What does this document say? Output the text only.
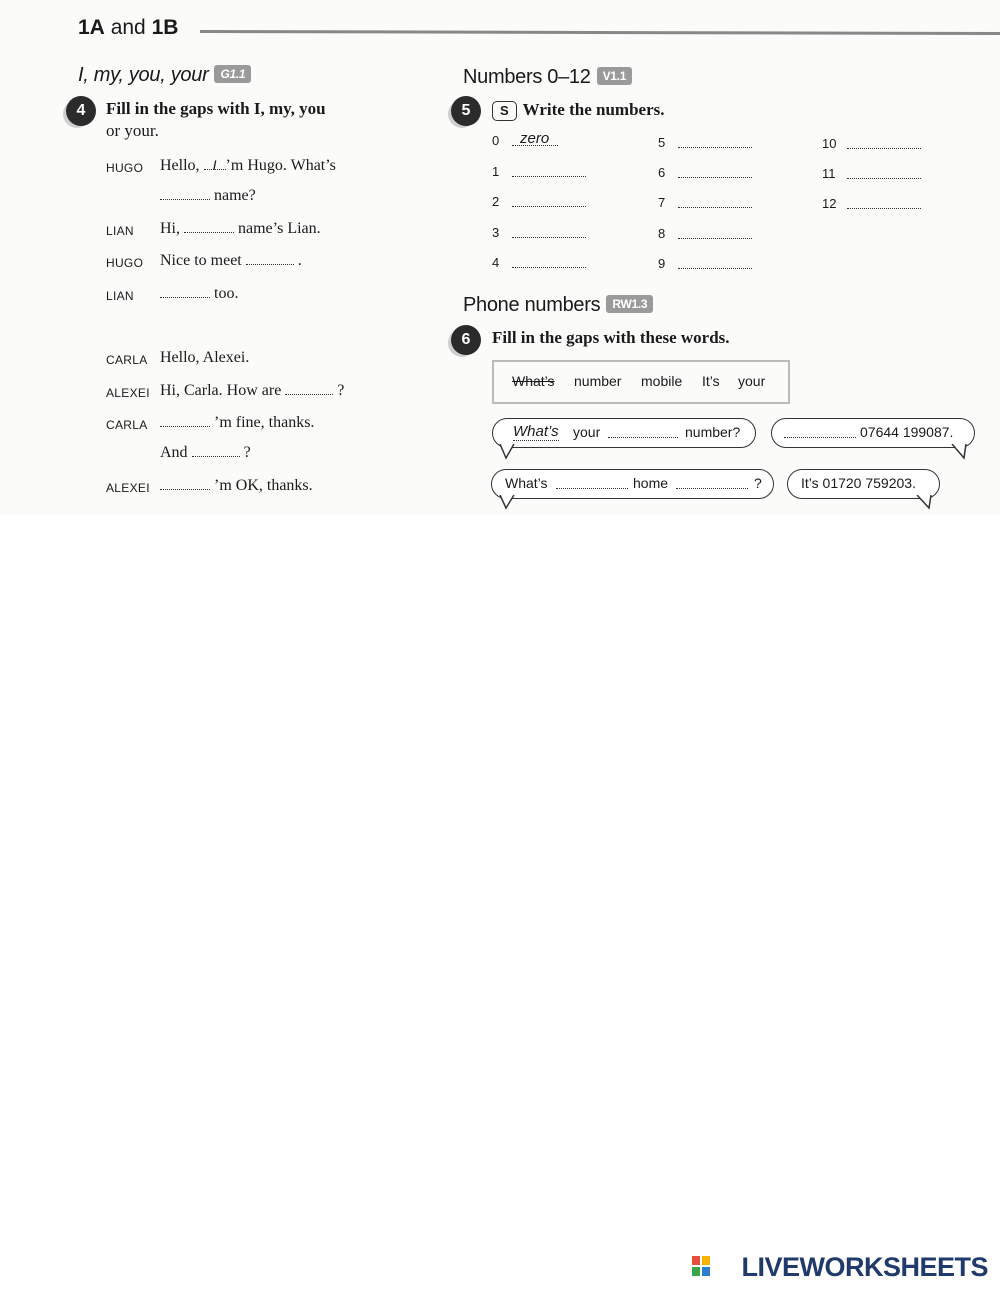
1A and 1B
I, my, you, your G1.1
4	Fill in the gaps with I, my, you
or your.
HUGO Hello, I ’m Hugo. What’s
name?
LIAN Hi,	name’s Lian.
HUGO Nice to meet	.
LIAN	too.
CARLA Hello, Alexei.
ALEXEI Hi, Carla. How are	?
CARLA	’m fine, thanks.
And	?
ALEXEI	’m OK, thanks.
Numbers 0–12 V1.1
5	S Write the numbers.
0 zero
1
2
3
4
5
6
7
8
9
10
11
12
Phone numbers RW1.3
6	Fill in the gaps with these words.
What’s number mobile It’s your
What’s your	number?	07644 199087.
What’s	home	?	It’s 01720 759203.
LIVEWORKSHEETS
